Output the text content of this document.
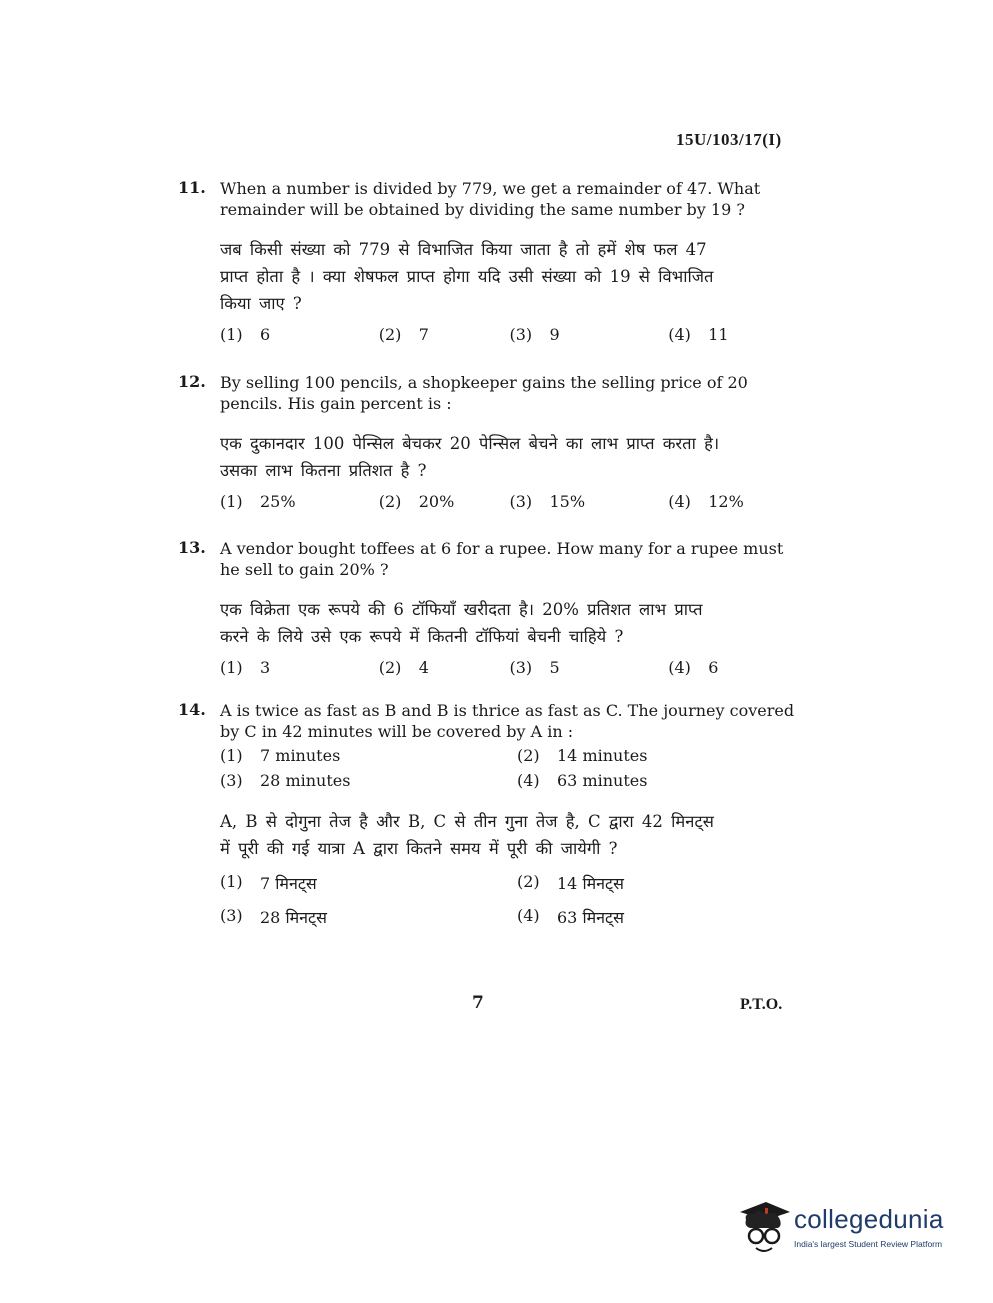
15U/103/17(I)
11. When a number is divided by 779, we get a remainder of 47. What
remainder will be obtained by dividing the same number by 19 ?

जब किसी संख्या को 779 से विभाजित किया जाता है तो हमें शेष फल 47
प्राप्त होता है । क्या शेषफल प्राप्त होगा यदि उसी संख्या को 19 से विभाजित
किया जाए ?

(1)	6	(2)	7	(3)	9	(4)	11
12. By selling 100 pencils, a shopkeeper gains the selling price of 20
pencils. His gain percent is :

एक दुकानदार 100 पेन्सिल बेचकर 20 पेन्सिल बेचने का लाभ प्राप्त करता है।
उसका लाभ कितना प्रतिशत है ?

(1)	25%	(2)	20%	(3)	15%	(4)	12%
13. A vendor bought toffees at 6 for a rupee. How many for a rupee must
he sell to gain 20% ?

एक विक्रेता एक रूपये की 6 टॉफियाँ खरीदता है। 20% प्रतिशत लाभ प्राप्त
करने के लिये उसे एक रूपये में कितनी टॉफियां बेचनी चाहिये ?

(1)	3	(2)	4	(3)	5	(4)	6
14. A is twice as fast as B and B is thrice as fast as C. The journey covered
by C in 42 minutes will be covered by A in :

(1)	7 minutes	(2)	14 minutes
(3)	28 minutes	(4)	63 minutes

A, B से दोगुना तेज है और B, C से तीन गुना तेज है, C द्वारा 42 मिनट्स
में पूरी की गई यात्रा A द्वारा कितने समय में पूरी की जायेगी ?

(1)	7 मिनट्स	(2)	14 मिनट्स
(3)	28 मिनट्स	(4)	63 मिनट्स
7	P.T.O.
collegedunia
India's largest Student Review Platform
